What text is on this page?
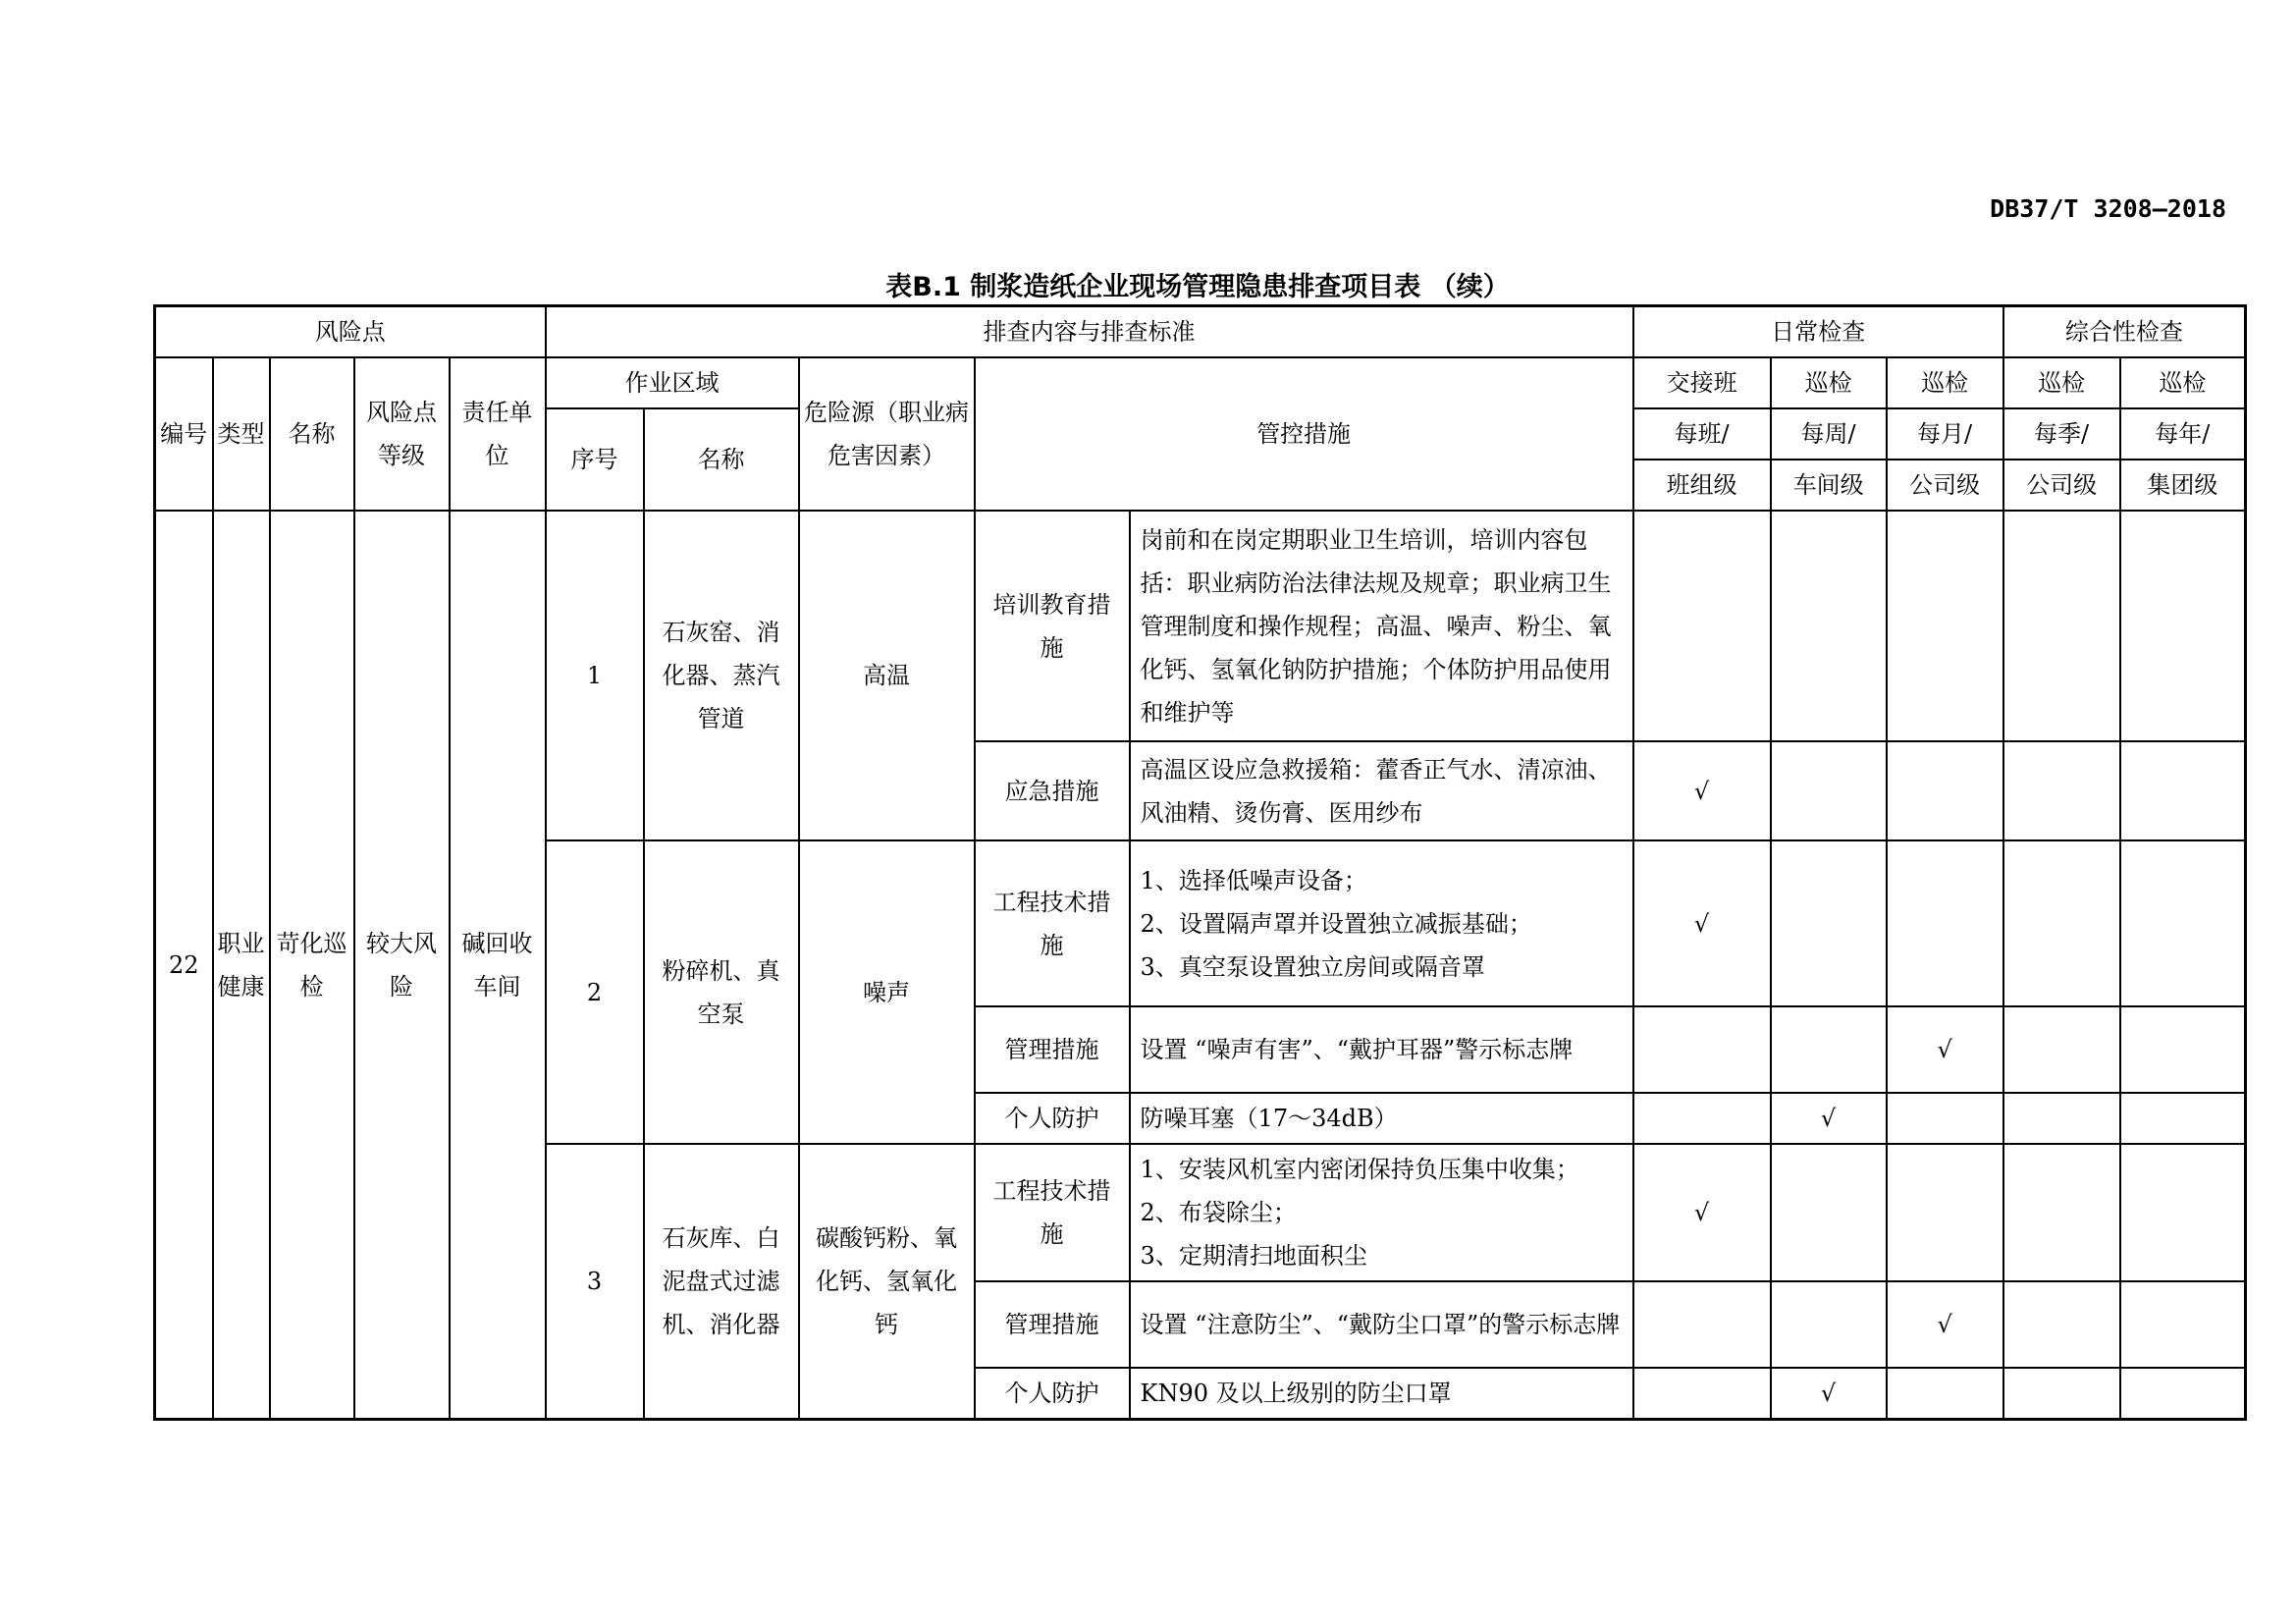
DB37/T 3208—2018
表B.1 制浆造纸企业现场管理隐患排查项目表 （续）
风险点					排查内容与排查标准					日常检查			综合性检查	
编号	类型	名称	风险点等级	责任单位	作业区域		危险源（职业病危害因素）	管控措施		交接班	巡检	巡检	巡检	巡检
					序号	名称				每班/	每周/	每月/	每季/	每年/
										班组级	车间级	公司级	公司级	集团级
22	职业健康	苛化巡检	较大风险	碱回收车间	1	石灰窑、消化器、蒸汽管道	高温	培训教育措施	岗前和在岗定期职业卫生培训，培训内容包括：职业病防治法律法规及规章；职业病卫生管理制度和操作规程；高温、噪声、粉尘、氧化钙、氢氧化钠防护措施；个体防护用品使用和维护等					
								应急措施	高温区设应急救援箱：藿香正气水、清凉油、风油精、烫伤膏、医用纱布	√				
					2	粉碎机、真空泵	噪声	工程技术措施	1、选择低噪声设备；
2、设置隔声罩并设置独立减振基础；
3、真空泵设置独立房间或隔音罩	√				
								管理措施	设置 “噪声有害”、“戴护耳器”警示标志牌			√		
								个人防护	防噪耳塞（17～34dB）		√			
					3	石灰库、白泥盘式过滤机、消化器	碳酸钙粉、氧化钙、氢氧化钙	工程技术措施	1、安装风机室内密闭保持负压集中收集；
2、布袋除尘；
3、定期清扫地面积尘	√				
								管理措施	设置 “注意防尘”、“戴防尘口罩”的警示标志牌			√		
								个人防护	KN90 及以上级别的防尘口罩		√			
